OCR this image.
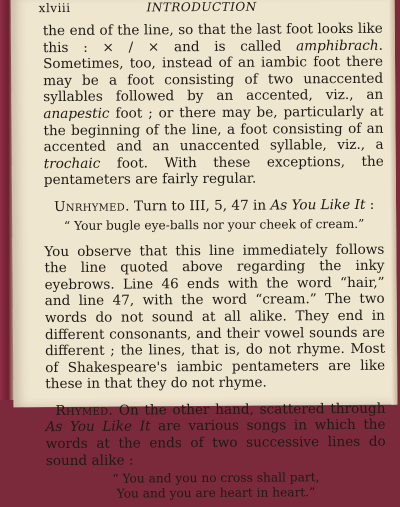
xlviii	INTRODUCTION

the end of the line, so that the last foot looks like this : × / × and is called amphibrach. Sometimes, too, instead of an iambic foot there may be a foot consisting of two unaccented syllables followed by an accented, viz., an anapestic foot ; or there may be, particularly at the beginning of the line, a foot consisting of an accented and an unaccented syllable, viz., a trochaic foot. With these exceptions, the pentameters are fairly regular.

Unrhymed. Turn to III, 5, 47 in As You Like It :

“ Your bugle eye-balls nor your cheek of cream.”

You observe that this line immediately follows the line quoted above regarding the inky eyebrows. Line 46 ends with the word “hair,” and line 47, with the word “cream.” The two words do not sound at all alike. They end in different consonants, and their vowel sounds are different ; the lines, that is, do not rhyme. Most of Shakespeare's iambic pentameters are like these in that they do not rhyme.

Rhymed. On the other hand, scattered through As You Like It are various songs in which the words at the ends of two successive lines do sound alike :

“ You and you no cross shall part,
You and you are heart in heart.”
